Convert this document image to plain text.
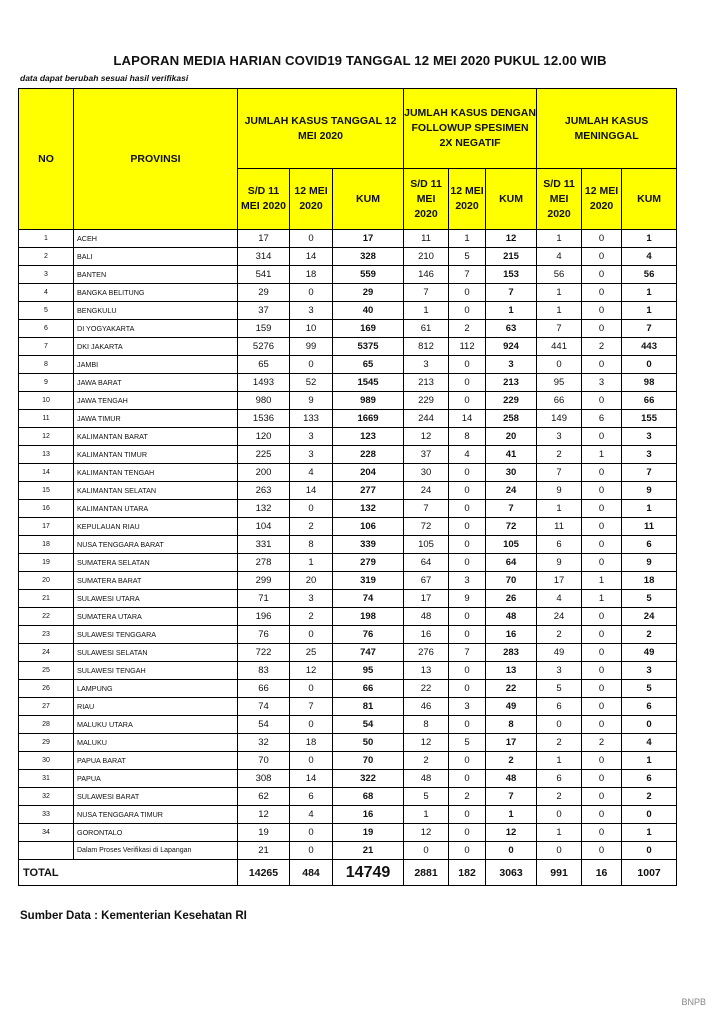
LAPORAN MEDIA HARIAN COVID19 TANGGAL 12 MEI 2020 PUKUL 12.00 WIB
data dapat berubah sesuai hasil verifikasi
NO	PROVINSI	JUMLAH KASUS TANGGAL 12 MEI 2020			JUMLAH KASUS DENGAN FOLLOWUP SPESIMEN 2X NEGATIF			JUMLAH KASUS MENINGGAL		
		S/D 11 MEI 2020	12 MEI 2020	KUM	S/D 11 MEI 2020	12 MEI 2020	KUM	S/D 11 MEI 2020	12 MEI 2020	KUM
1	ACEH	17	0	17	11	1	12	1	0	1
2	BALI	314	14	328	210	5	215	4	0	4
3	BANTEN	541	18	559	146	7	153	56	0	56
4	BANGKA BELITUNG	29	0	29	7	0	7	1	0	1
5	BENGKULU	37	3	40	1	0	1	1	0	1
6	DI YOGYAKARTA	159	10	169	61	2	63	7	0	7
7	DKI JAKARTA	5276	99	5375	812	112	924	441	2	443
8	JAMBI	65	0	65	3	0	3	0	0	0
9	JAWA BARAT	1493	52	1545	213	0	213	95	3	98
10	JAWA TENGAH	980	9	989	229	0	229	66	0	66
11	JAWA TIMUR	1536	133	1669	244	14	258	149	6	155
12	KALIMANTAN BARAT	120	3	123	12	8	20	3	0	3
13	KALIMANTAN TIMUR	225	3	228	37	4	41	2	1	3
14	KALIMANTAN TENGAH	200	4	204	30	0	30	7	0	7
15	KALIMANTAN SELATAN	263	14	277	24	0	24	9	0	9
16	KALIMANTAN UTARA	132	0	132	7	0	7	1	0	1
17	KEPULAUAN RIAU	104	2	106	72	0	72	11	0	11
18	NUSA TENGGARA BARAT	331	8	339	105	0	105	6	0	6
19	SUMATERA SELATAN	278	1	279	64	0	64	9	0	9
20	SUMATERA BARAT	299	20	319	67	3	70	17	1	18
21	SULAWESI UTARA	71	3	74	17	9	26	4	1	5
22	SUMATERA UTARA	196	2	198	48	0	48	24	0	24
23	SULAWESI TENGGARA	76	0	76	16	0	16	2	0	2
24	SULAWESI SELATAN	722	25	747	276	7	283	49	0	49
25	SULAWESI TENGAH	83	12	95	13	0	13	3	0	3
26	LAMPUNG	66	0	66	22	0	22	5	0	5
27	RIAU	74	7	81	46	3	49	6	0	6
28	MALUKU UTARA	54	0	54	8	0	8	0	0	0
29	MALUKU	32	18	50	12	5	17	2	2	4
30	PAPUA BARAT	70	0	70	2	0	2	1	0	1
31	PAPUA	308	14	322	48	0	48	6	0	6
32	SULAWESI BARAT	62	6	68	5	2	7	2	0	2
33	NUSA TENGGARA TIMUR	12	4	16	1	0	1	0	0	0
34	GORONTALO	19	0	19	12	0	12	1	0	1
	Dalam Proses Verifikasi di Lapangan	21	0	21	0	0	0	0	0	0
TOTAL		14265	484	14749	2881	182	3063	991	16	1007
Sumber Data : Kementerian Kesehatan RI
BNPB
